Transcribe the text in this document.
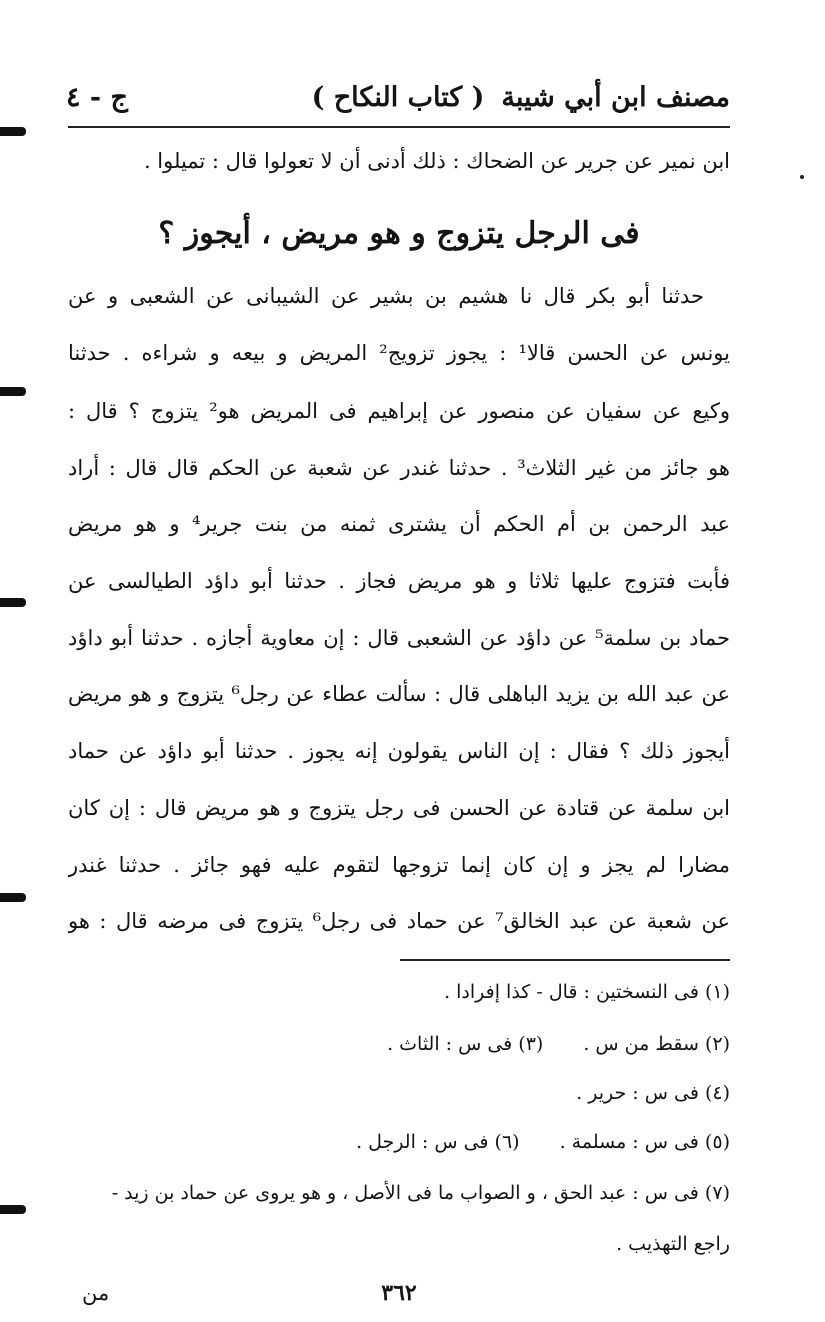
مصنف ابن أبي شيبة
( كتاب النكاح )
ج - ٤
ابن نمير عن جرير عن الضحاك : ذلك أدنى أن لا تعولوا قال : تميلوا .
فى الرجل يتزوج و هو مريض ، أيجوز ؟
حدثنا أبو بكر قال نا هشيم بن بشير عن الشيبانى عن الشعبى و عن
يونس عن الحسن قالا¹ : يجوز تزويج² المريض و بيعه و شراءه . حدثنا
وكيع عن سفيان عن منصور عن إبراهيم فى المريض هو² يتزوج ؟ قال :
هو جائز من غير الثلاث³ . حدثنا غندر عن شعبة عن الحكم قال قال : أراد
عبد الرحمن بن أم الحكم أن يشترى ثمنه من بنت جرير⁴ و هو مريض
فأبت فتزوج عليها ثلاثا و هو مريض فجاز . حدثنا أبو داؤد الطيالسى عن
حماد بن سلمة⁵ عن داؤد عن الشعبى قال : إن معاوية أجازه . حدثنا أبو داؤد
عن عبد الله بن يزيد الباهلى قال : سألت عطاء عن رجل⁶ يتزوج و هو مريض
أيجوز ذلك ؟ فقال : إن الناس يقولون إنه يجوز . حدثنا أبو داؤد عن حماد
ابن سلمة عن قتادة عن الحسن فى رجل يتزوج و هو مريض قال : إن كان
مضارا لم يجز و إن كان إنما تزوجها لتقوم عليه فهو جائز . حدثنا غندر
عن شعبة عن عبد الخالق⁷ عن حماد فى رجل⁶ يتزوج فى مرضه قال : هو
(١) فى النسختين : قال - كذا إفرادا .
(٢) سقط من س .(٣) فى س : الثاث .
(٤) فى س : حرير .
(٥) فى س : مسلمة .(٦) فى س : الرجل .
(٧) فى س : عبد الحق ، و الصواب ما فى الأصل ، و هو يروى عن حماد بن زيد -
راجع التهذيب .
٣٦٢
من
